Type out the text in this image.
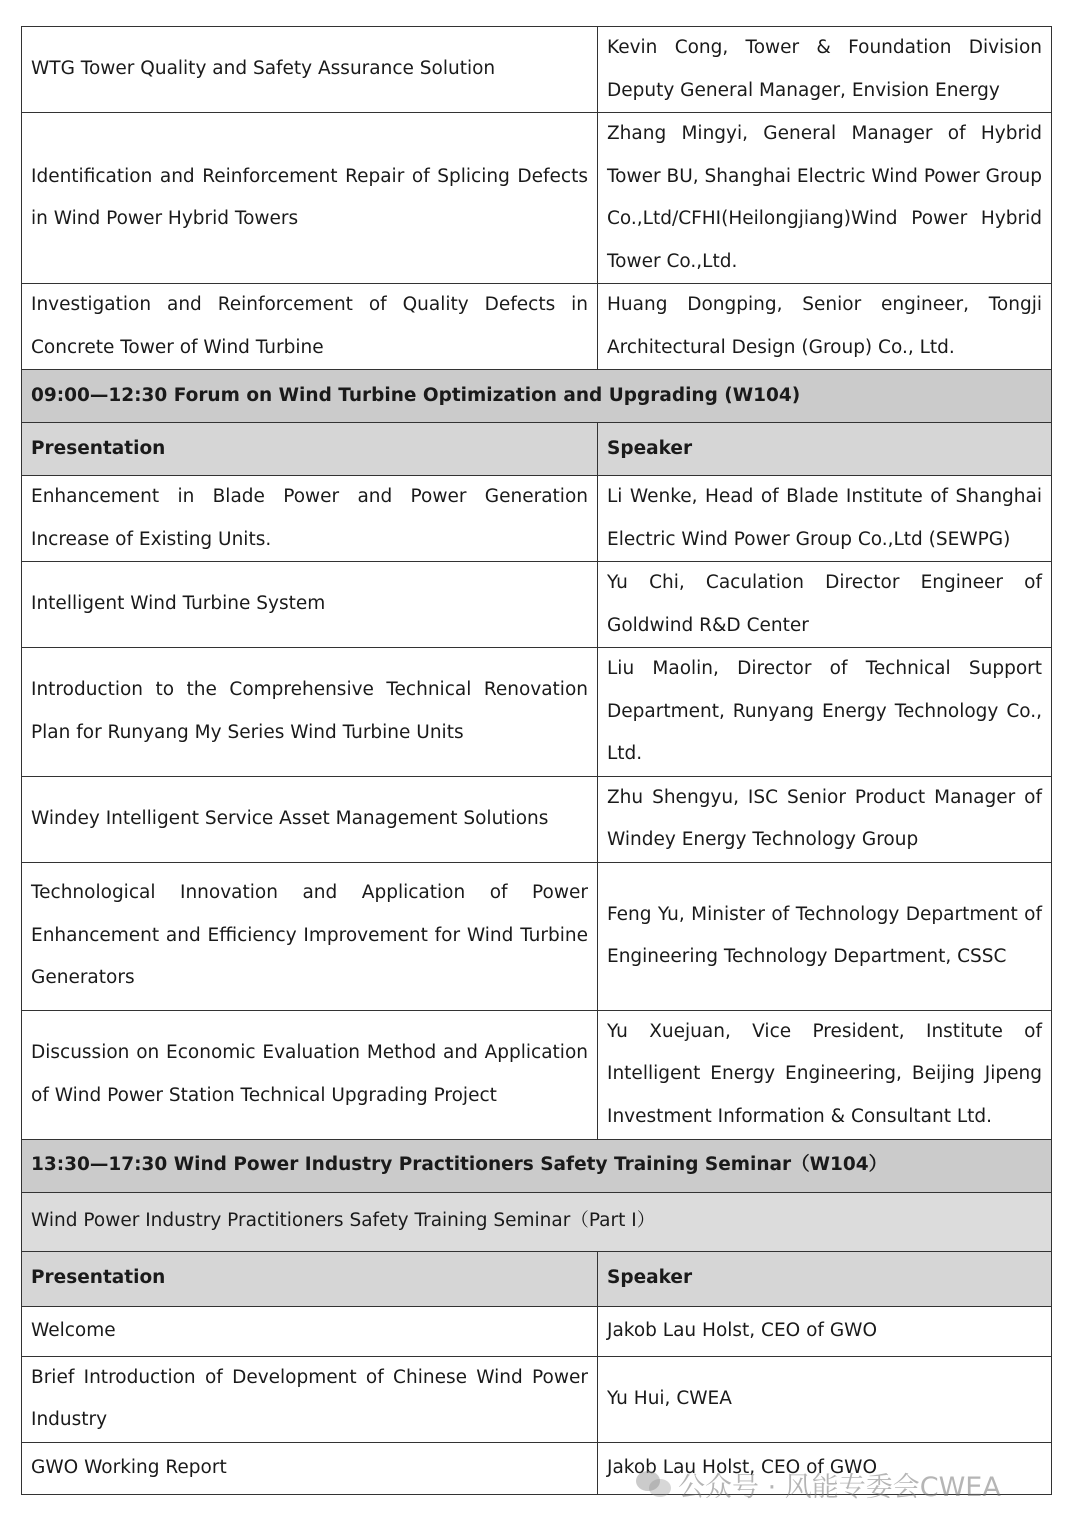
WTG Tower Quality and Safety Assurance Solution	Kevin Cong, Tower & Foundation Division Deputy General Manager, Envision Energy
Identification and Reinforcement Repair of Splicing Defects in Wind Power Hybrid Towers	Zhang Mingyi, General Manager of Hybrid Tower BU, Shanghai Electric Wind Power Group Co.,Ltd/CFHI(Heilongjiang)Wind Power Hybrid Tower Co.,Ltd.
Investigation and Reinforcement of Quality Defects in Concrete Tower of Wind Turbine	Huang Dongping, Senior engineer, Tongji Architectural Design (Group) Co., Ltd.
09:00—12:30 Forum on Wind Turbine Optimization and Upgrading (W104)	
Presentation	Speaker
Enhancement in Blade Power and Power Generation Increase of Existing Units.	Li Wenke, Head of Blade Institute of Shanghai Electric Wind Power Group Co.,Ltd (SEWPG)
Intelligent Wind Turbine System	Yu Chi, Caculation Director Engineer of Goldwind R&D Center
Introduction to the Comprehensive Technical Renovation Plan for Runyang My Series Wind Turbine Units	Liu Maolin, Director of Technical Support Department, Runyang Energy Technology Co., Ltd.
Windey Intelligent Service Asset Management Solutions	Zhu Shengyu, ISC Senior Product Manager of Windey Energy Technology Group
Technological Innovation and Application of Power Enhancement and Efficiency Improvement for Wind Turbine Generators	Feng Yu, Minister of Technology Department of Engineering Technology Department, CSSC
Discussion on Economic Evaluation Method and Application of Wind Power Station Technical Upgrading Project	Yu Xuejuan, Vice President, Institute of Intelligent Energy Engineering, Beijing Jipeng Investment Information & Consultant Ltd.
13:30—17:30 Wind Power Industry Practitioners Safety Training Seminar（W104）	
Wind Power Industry Practitioners Safety Training Seminar（Part I）	
Presentation	Speaker
Welcome	Jakob Lau Holst, CEO of GWO
Brief Introduction of Development of Chinese Wind Power Industry	Yu Hui, CWEA
GWO Working Report	Jakob Lau Holst, CEO of GWO
公众号 · 风能专委会CWEA
